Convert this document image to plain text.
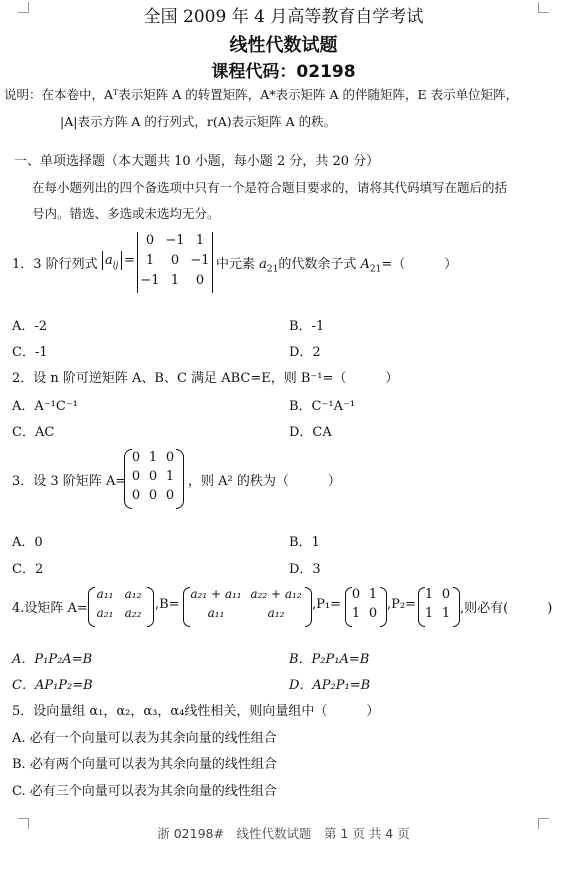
全国 2009 年 4 月高等教育自学考试
线性代数试题
课程代码：02198
说明：在本卷中，Aᵀ表示矩阵 A 的转置矩阵，A*表示矩阵 A 的伴随矩阵，E 表示单位矩阵，
|A|表示方阵 A 的行列式，r(A)表示矩阵 A 的秩。
一、单项选择题（本大题共 10 小题，每小题 2 分，共 20 分）
在每小题列出的四个备选项中只有一个是符合题目要求的，请将其代码填写在题后的括
号内。错选、多选或未选均无分。
1．3 阶行列式 $a_{ij}$ =
0 −1 1
1	0 −1
−1 1	0
中元素 $a_{21}$的代数余子式 $A_{21}=$（　　　）
A．-2	B．-1
C．-1	D．2
2．设 n 阶可逆矩阵 A、B、C 满足 ABC=E，则 B⁻¹=（　　　）
A．A⁻¹C⁻¹	B．C⁻¹A⁻¹
C．AC	D．CA
3．设 3 阶矩阵 A=
0 1 0
0 0 1
0 0 0
，则 A² 的秩为（　　　）
A．0	B．1
C．2	D．3
4.设矩阵 A=
a₁₁ a₁₂
a₂₁ a₂₂
,B=
a₂₁ + a₁₁ a₂₂ + a₁₂
a₁₁	a₁₂
,P₁=
0 1
1 0
,P₂=
1 0
1 1 ,则必有(　　　)
A．P₁P₂A=B	B．P₂P₁A=B
C．AP₁P₂=B	D．AP₂P₁=B
5．设向量组 α₁，α₂，α₃，α₄线性相关，则向量组中（　　　）
A. 必有一个向量可以表为其余向量的线性组合
B. 必有两个向量可以表为其余向量的线性组合
C. 必有三个向量可以表为其余向量的线性组合
浙 02198#　线性代数试题　第 1 页 共 4 页
